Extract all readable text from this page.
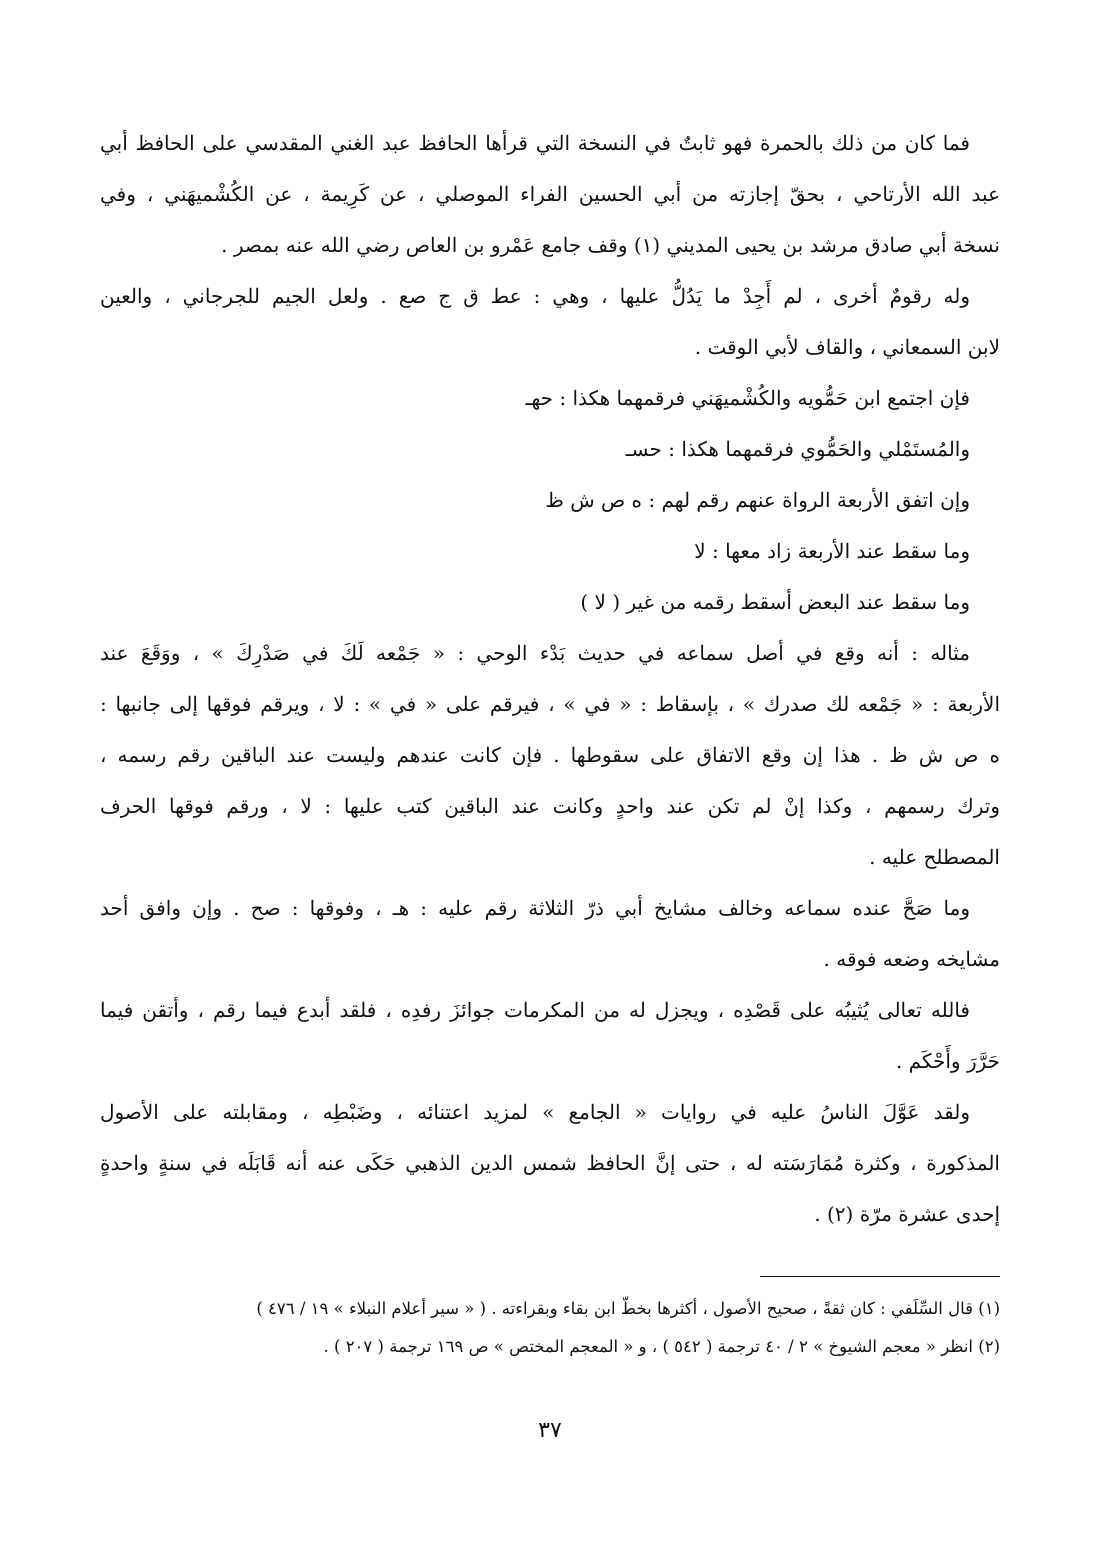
فما كان من ذلك بالحمرة فهو ثابتٌ في النسخة التي قرأها الحافظ عبد الغني المقدسي على الحافظ أبي
عبد الله الأرتاحي ، بحقّ إجازته من أبي الحسين الفراء الموصلي ، عن كَرِيمة ، عن الكُشْميهَني ، وفي
نسخة أبي صادق مرشد بن يحيى المديني (١) وقف جامع عَمْرو بن العاص رضي الله عنه بمصر .
وله رقومٌ أخرى ، لم أَجِدْ ما يَدُلُّ عليها ، وهي : عط ق ج صع . ولعل الجيم للجرجاني ، والعين
لابن السمعاني ، والقاف لأبي الوقت .
فإن اجتمع ابن حَمُّويه والكُشْميهَني فرقمهما هكذا : حهـ
والمُستَمْلي والحَمُّوي فرقمهما هكذا : حسـ
وإن اتفق الأربعة الرواة عنهم رقم لهم : ه ص ش ظ
وما سقط عند الأربعة زاد معها : لا
وما سقط عند البعض أسقط رقمه من غير ( لا )
مثاله : أنه وقع في أصل سماعه في حديث بَدْء الوحي : « جَمْعه لَكَ في صَدْرِكَ » ، ووَقَعَ عند
الأربعة : « جَمْعه لك صدرك » ، بإسقاط : « في » ، فيرقم على « في » : لا ، ويرقم فوقها إلى جانبها :
ه ص ش ظ . هذا إن وقع الاتفاق على سقوطها . فإن كانت عندهم وليست عند الباقين رقم رسمه ،
وترك رسمهم ، وكذا إنْ لم تكن عند واحدٍ وكانت عند الباقين كتب عليها : لا ، ورقم فوقها الحرف
المصطلح عليه .
وما صَحَّ عنده سماعه وخالف مشايخ أبي ذرّ الثلاثة رقم عليه : هـ ، وفوقها : صح . وإن وافق أحد
مشايخه وضعه فوقه .
فالله تعالى يُثيبُه على قَصْدِه ، ويجزل له من المكرمات جوائزَ رفدِه ، فلقد أبدع فيما رقم ، وأتقن فيما
حَرَّرَ وأَحْكَم .
ولقد عَوَّلَ الناسُ عليه في روايات « الجامع » لمزيد اعتنائه ، وضَبْطِه ، ومقابلته على الأصول
المذكورة ، وكثرة مُمَارَسَته له ، حتى إنَّ الحافظ شمس الدين الذهبي حَكَى عنه أنه قَابَلَه في سنةٍ واحدةٍ
إحدى عشرة مرّة (٢) .
(١) قال السِّلَفي : كان ثقةً ، صحيح الأصول ، أكثرها بخطّ ابن بقاء وبقراءته . ( « سير أعلام النبلاء » ١٩ / ٤٧٦ )
(٢) انظر « معجم الشيوخ » ٢ / ٤٠ ترجمة ( ٥٤٢ ) ، و « المعجم المختص » ص ١٦٩ ترجمة ( ٢٠٧ ) .
٣٧
